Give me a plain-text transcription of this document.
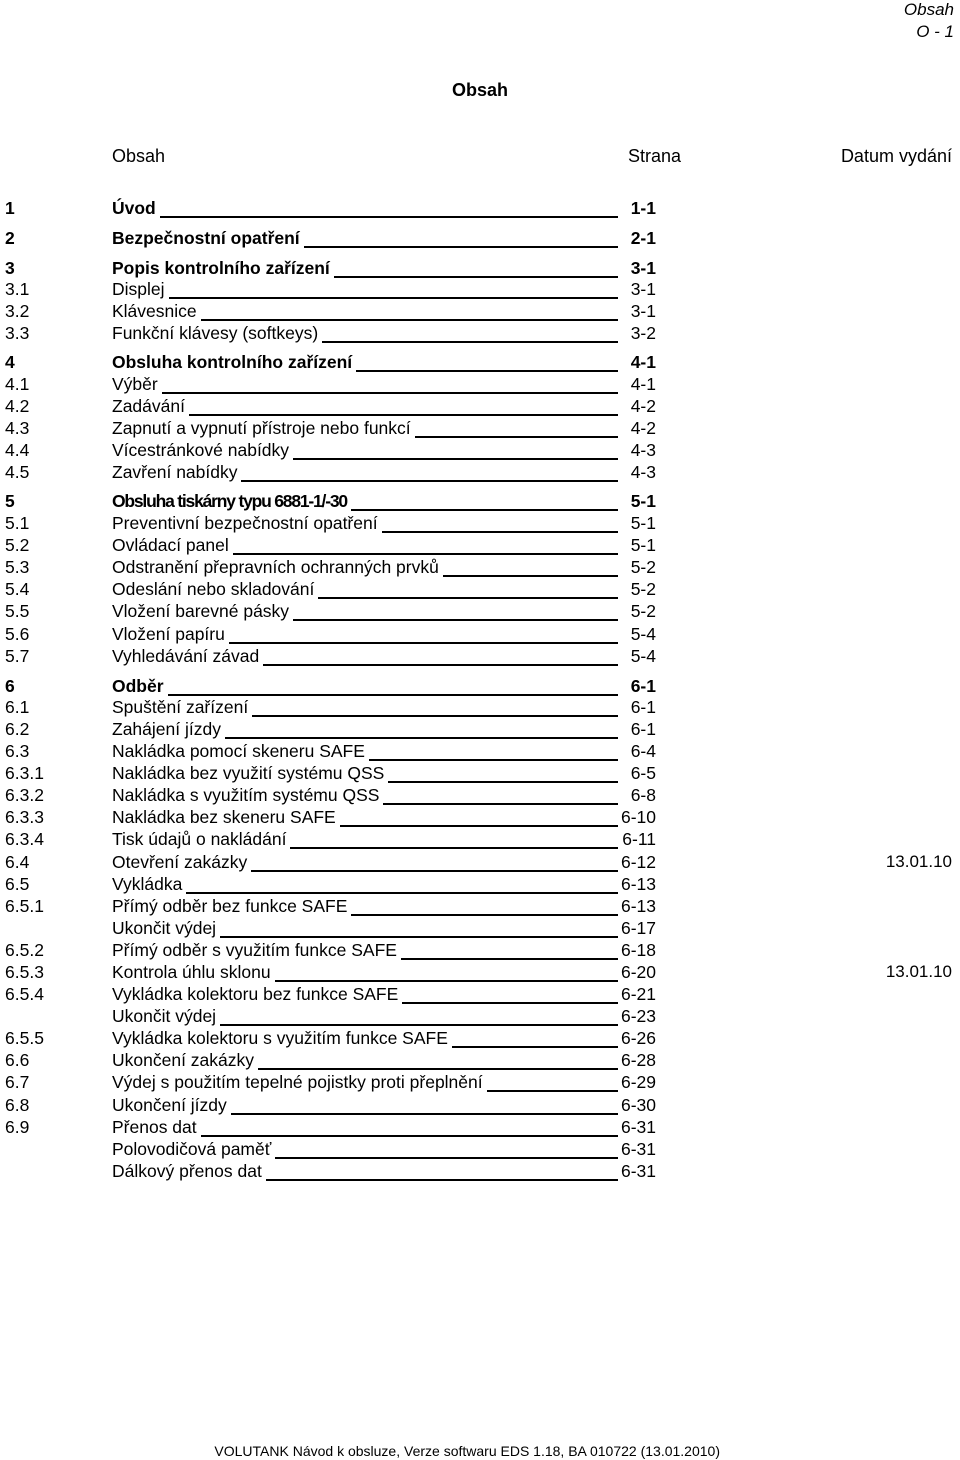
Obsah
O - 1
Obsah
Obsah	Strana	Datum vydání
1	Úvod	1-1
2	Bezpečnostní opatření	2-1
3	Popis kontrolního zařízení	3-1
3.1	Displej	3-1
3.2	Klávesnice	3-1
3.3	Funkční klávesy (softkeys)	3-2
4	Obsluha kontrolního zařízení	4-1
4.1	Výběr	4-1
4.2	Zadávání	4-2
4.3	Zapnutí a vypnutí přístroje nebo funkcí	4-2
4.4	Vícestránkové nabídky	4-3
4.5	Zavření nabídky	4-3
5	Obsluha tiskárny typu 6881-1/-30	5-1
5.1	Preventivní bezpečnostní opatření	5-1
5.2	Ovládací panel	5-1
5.3	Odstranění přepravních ochranných prvků	5-2
5.4	Odeslání nebo skladování	5-2
5.5	Vložení barevné pásky	5-2
5.6	Vložení papíru	5-4
5.7	Vyhledávání závad	5-4
6	Odběr	6-1
6.1	Spuštění zařízení	6-1
6.2	Zahájení jízdy	6-1
6.3	Nakládka pomocí skeneru SAFE	6-4
6.3.1	Nakládka bez využití systému QSS	6-5
6.3.2	Nakládka s využitím systému QSS	6-8
6.3.3	Nakládka bez skeneru SAFE	6-10
6.3.4	Tisk údajů o nakládání	6-11
6.4	Otevření zakázky	6-12	13.01.10
6.5	Vykládka	6-13
6.5.1	Přímý odběr bez funkce SAFE	6-13
Ukončit výdej	6-17
6.5.2	Přímý odběr s využitím funkce SAFE	6-18
6.5.3	Kontrola úhlu sklonu	6-20	13.01.10
6.5.4	Vykládka kolektoru bez funkce SAFE	6-21
Ukončit výdej	6-23
6.5.5	Vykládka kolektoru s využitím funkce SAFE	6-26
6.6	Ukončení zakázky	6-28
6.7	Výdej s použitím tepelné pojistky proti přeplnění	6-29
6.8	Ukončení jízdy	6-30
6.9	Přenos dat	6-31
Polovodičová paměť	6-31
Dálkový přenos dat	6-31
VOLUTANK Návod k obsluze, Verze softwaru EDS 1.18, BA 010722 (13.01.2010)
